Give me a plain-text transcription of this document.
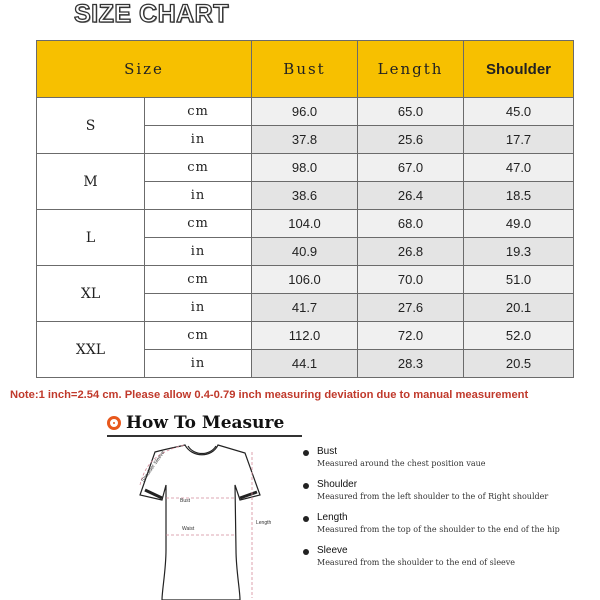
SIZE CHART
Size		Bust	Length	Shoulder
S	cm	96.0	65.0	45.0
	in	37.8	25.6	17.7
M	cm	98.0	67.0	47.0
	in	38.6	26.4	18.5
L	cm	104.0	68.0	49.0
	in	40.9	26.8	19.3
XL	cm	106.0	70.0	51.0
	in	41.7	27.6	20.1
XXL	cm	112.0	72.0	52.0
	in	44.1	28.3	20.5
Note:1 inch=2.54 cm. Please allow 0.4-0.79 inch measuring deviation due to manual measurement
How To Measure
Shoulder Sleeve
Bust
Waist
Length
Bust
Measured around the chest position vaue
Shoulder
Measured from the left shoulder to the of Right shoulder
Length
Measured from the top of the shoulder to the end of the hip
Sleeve
Measured from the shoulder to the end of sleeve
